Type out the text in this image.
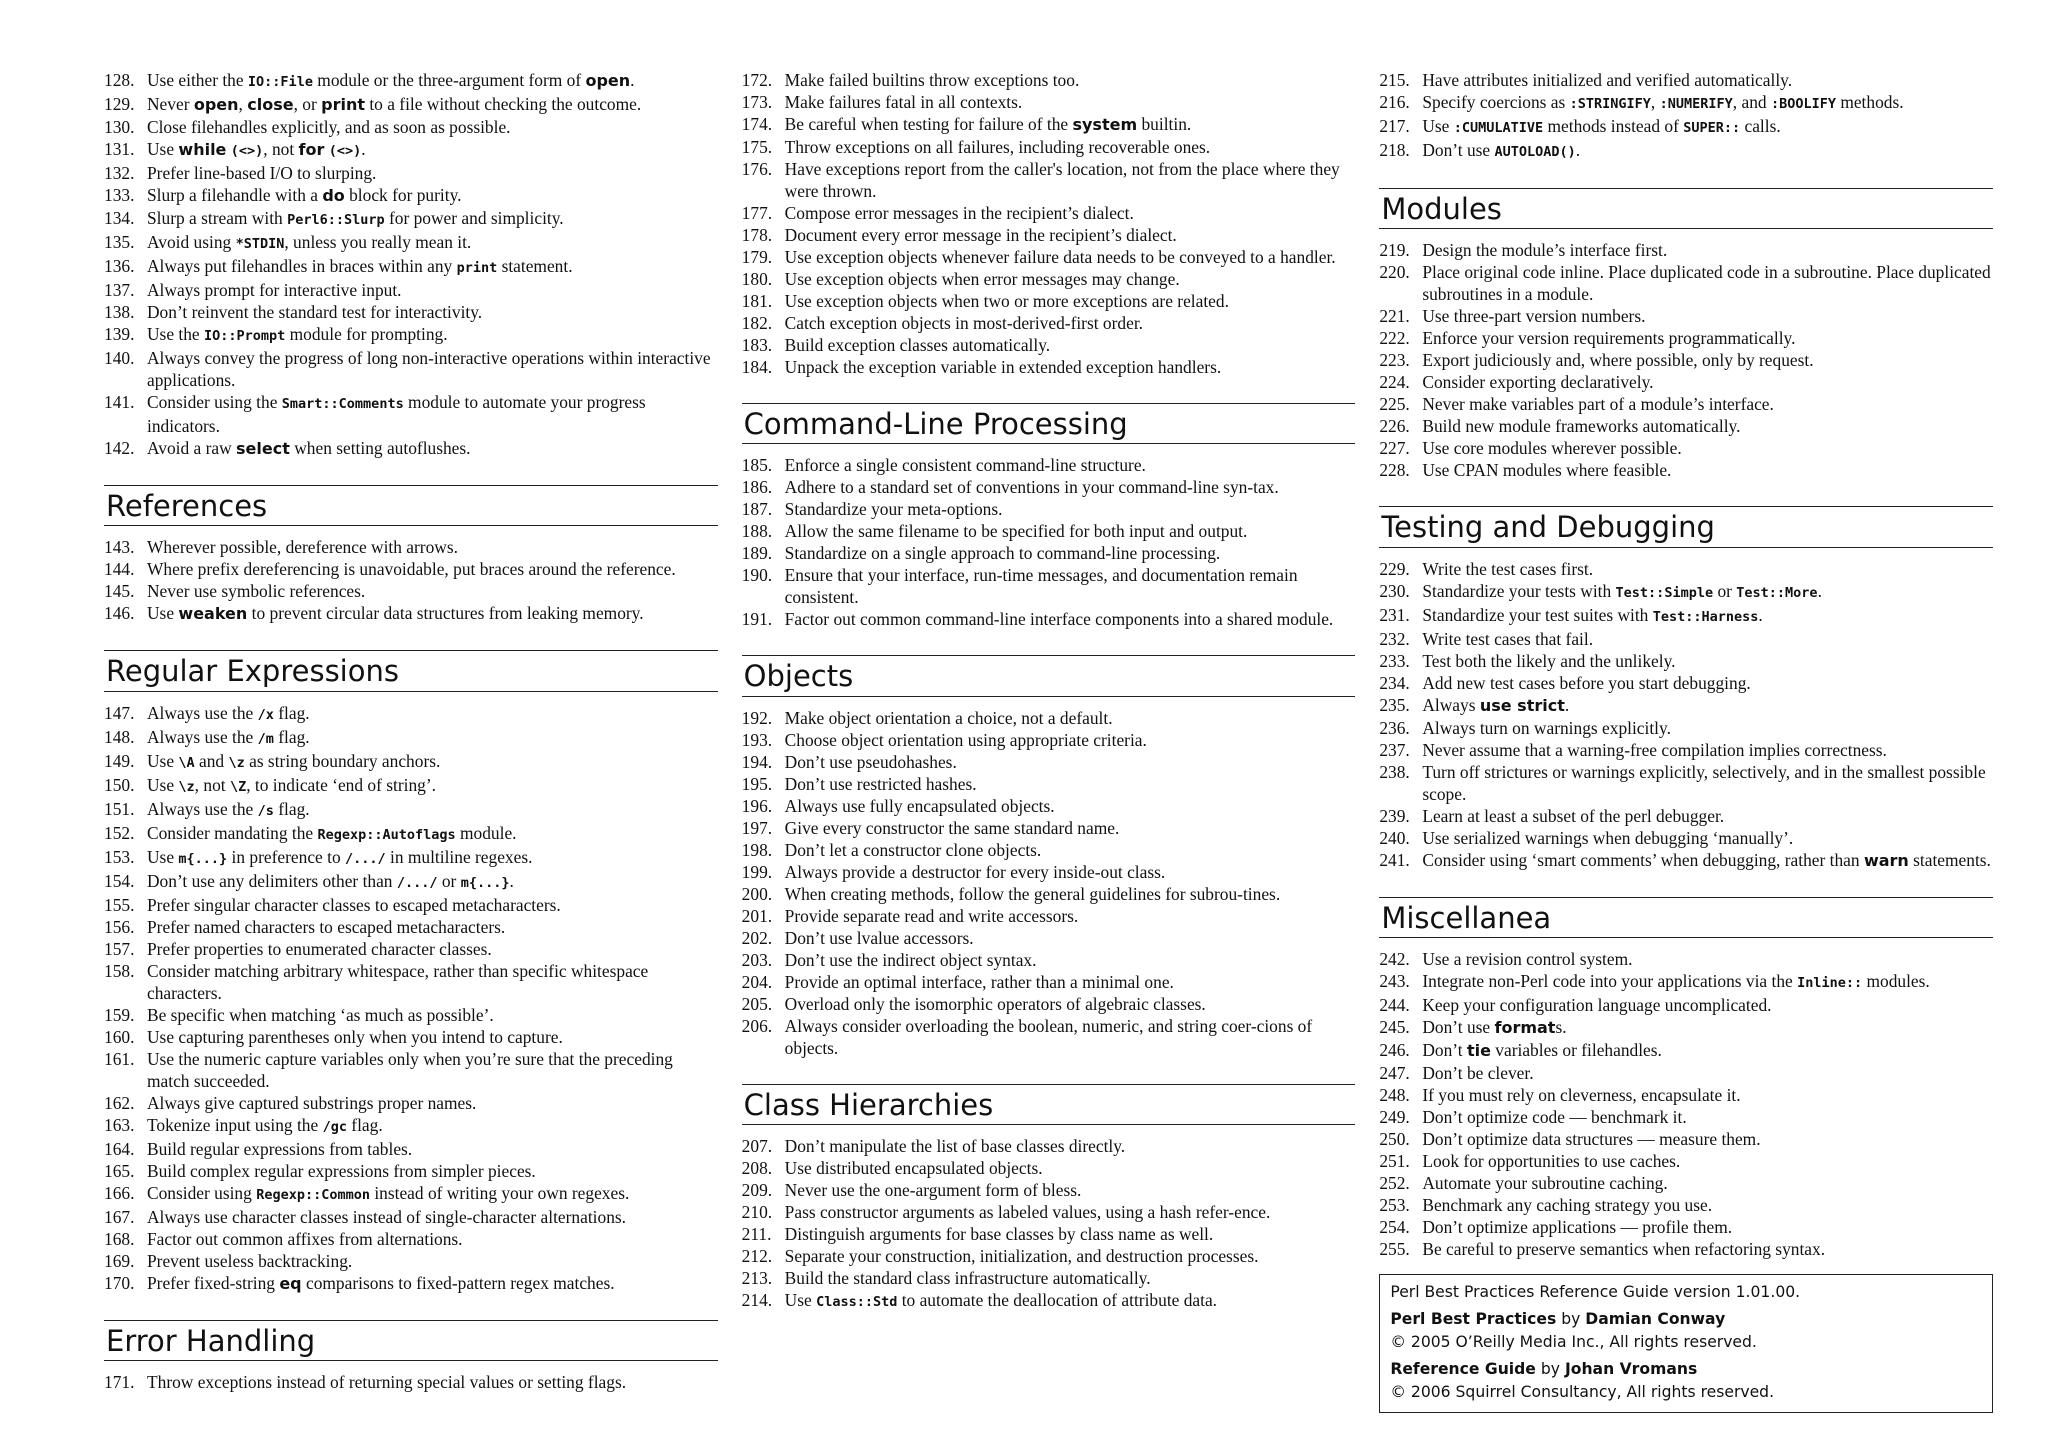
128. Use either the IO::File module or the three-argument form of open.
129. Never open, close, or print to a file without checking the outcome.
130. Close filehandles explicitly, and as soon as possible.
131. Use while (<>), not for (<>).
132. Prefer line-based I/O to slurping.
133. Slurp a filehandle with a do block for purity.
134. Slurp a stream with Perl6::Slurp for power and simplicity.
135. Avoid using *STDIN, unless you really mean it.
136. Always put filehandles in braces within any print statement.
137. Always prompt for interactive input.
138. Don’t reinvent the standard test for interactivity.
139. Use the IO::Prompt module for prompting.
140. Always convey the progress of long non-interactive operations within interactive applications.
141. Consider using the Smart::Comments module to automate your progress indicators.
142. Avoid a raw select when setting autoflushes.
References
143. Wherever possible, dereference with arrows.
144. Where prefix dereferencing is unavoidable, put braces around the reference.
145. Never use symbolic references.
146. Use weaken to prevent circular data structures from leaking memory.
Regular Expressions
147. Always use the /x flag.
148. Always use the /m flag.
149. Use \A and \z as string boundary anchors.
150. Use \z, not \Z, to indicate ‘end of string’.
151. Always use the /s flag.
152. Consider mandating the Regexp::Autoflags module.
153. Use m{...} in preference to /.../ in multiline regexes.
154. Don’t use any delimiters other than /.../ or m{...}.
155. Prefer singular character classes to escaped metacharacters.
156. Prefer named characters to escaped metacharacters.
157. Prefer properties to enumerated character classes.
158. Consider matching arbitrary whitespace, rather than specific whitespace characters.
159. Be specific when matching ‘as much as possible’.
160. Use capturing parentheses only when you intend to capture.
161. Use the numeric capture variables only when you’re sure that the preceding match succeeded.
162. Always give captured substrings proper names.
163. Tokenize input using the /gc flag.
164. Build regular expressions from tables.
165. Build complex regular expressions from simpler pieces.
166. Consider using Regexp::Common instead of writing your own regexes.
167. Always use character classes instead of single-character alternations.
168. Factor out common affixes from alternations.
169. Prevent useless backtracking.
170. Prefer fixed-string eq comparisons to fixed-pattern regex matches.
Error Handling
171. Throw exceptions instead of returning special values or setting flags.
172. Make failed builtins throw exceptions too.
173. Make failures fatal in all contexts.
174. Be careful when testing for failure of the system builtin.
175. Throw exceptions on all failures, including recoverable ones.
176. Have exceptions report from the caller's location, not from the place where they were thrown.
177. Compose error messages in the recipient’s dialect.
178. Document every error message in the recipient’s dialect.
179. Use exception objects whenever failure data needs to be conveyed to a handler.
180. Use exception objects when error messages may change.
181. Use exception objects when two or more exceptions are related.
182. Catch exception objects in most-derived-first order.
183. Build exception classes automatically.
184. Unpack the exception variable in extended exception handlers.
Command-Line Processing
185. Enforce a single consistent command-line structure.
186. Adhere to a standard set of conventions in your command-line syn-tax.
187. Standardize your meta-options.
188. Allow the same filename to be specified for both input and output.
189. Standardize on a single approach to command-line processing.
190. Ensure that your interface, run-time messages, and documentation remain consistent.
191. Factor out common command-line interface components into a shared module.
Objects
192. Make object orientation a choice, not a default.
193. Choose object orientation using appropriate criteria.
194. Don’t use pseudohashes.
195. Don’t use restricted hashes.
196. Always use fully encapsulated objects.
197. Give every constructor the same standard name.
198. Don’t let a constructor clone objects.
199. Always provide a destructor for every inside-out class.
200. When creating methods, follow the general guidelines for subrou-tines.
201. Provide separate read and write accessors.
202. Don’t use lvalue accessors.
203. Don’t use the indirect object syntax.
204. Provide an optimal interface, rather than a minimal one.
205. Overload only the isomorphic operators of algebraic classes.
206. Always consider overloading the boolean, numeric, and string coer-cions of objects.
Class Hierarchies
207. Don’t manipulate the list of base classes directly.
208. Use distributed encapsulated objects.
209. Never use the one-argument form of bless.
210. Pass constructor arguments as labeled values, using a hash refer-ence.
211. Distinguish arguments for base classes by class name as well.
212. Separate your construction, initialization, and destruction processes.
213. Build the standard class infrastructure automatically.
214. Use Class::Std to automate the deallocation of attribute data.
215. Have attributes initialized and verified automatically.
216. Specify coercions as :STRINGIFY, :NUMERIFY, and :BOOLIFY methods.
217. Use :CUMULATIVE methods instead of SUPER:: calls.
218. Don’t use AUTOLOAD().
Modules
219. Design the module’s interface first.
220. Place original code inline. Place duplicated code in a subroutine. Place duplicated subroutines in a module.
221. Use three-part version numbers.
222. Enforce your version requirements programmatically.
223. Export judiciously and, where possible, only by request.
224. Consider exporting declaratively.
225. Never make variables part of a module’s interface.
226. Build new module frameworks automatically.
227. Use core modules wherever possible.
228. Use CPAN modules where feasible.
Testing and Debugging
229. Write the test cases first.
230. Standardize your tests with Test::Simple or Test::More.
231. Standardize your test suites with Test::Harness.
232. Write test cases that fail.
233. Test both the likely and the unlikely.
234. Add new test cases before you start debugging.
235. Always use strict.
236. Always turn on warnings explicitly.
237. Never assume that a warning-free compilation implies correctness.
238. Turn off strictures or warnings explicitly, selectively, and in the smallest possible scope.
239. Learn at least a subset of the perl debugger.
240. Use serialized warnings when debugging ‘manually’.
241. Consider using ‘smart comments’ when debugging, rather than warn statements.
Miscellanea
242. Use a revision control system.
243. Integrate non-Perl code into your applications via the Inline:: modules.
244. Keep your configuration language uncomplicated.
245. Don’t use formats.
246. Don’t tie variables or filehandles.
247. Don’t be clever.
248. If you must rely on cleverness, encapsulate it.
249. Don’t optimize code — benchmark it.
250. Don’t optimize data structures — measure them.
251. Look for opportunities to use caches.
252. Automate your subroutine caching.
253. Benchmark any caching strategy you use.
254. Don’t optimize applications — profile them.
255. Be careful to preserve semantics when refactoring syntax.
Perl Best Practices Reference Guide version 1.01.00.
Perl Best Practices by Damian Conway
© 2005 O’Reilly Media Inc., All rights reserved.
Reference Guide by Johan Vromans
© 2006 Squirrel Consultancy, All rights reserved.
